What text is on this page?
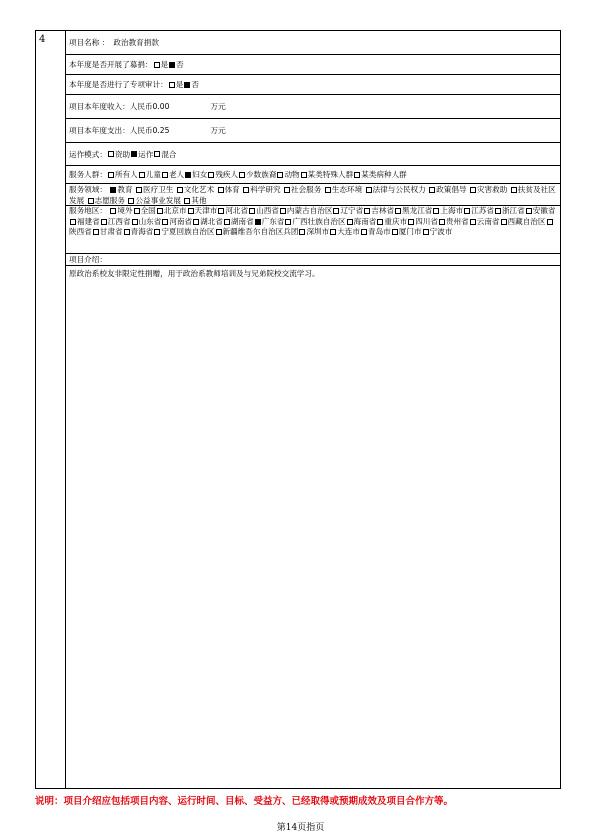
4	项目名称 ： 政治教育捐款
本年度是否开展了募捐： 是 否
本年度是否进行了专项审计： 是 否
项目本年度收入： 人民币 0.00	万元
项目本年度支出： 人民币 0.25	万元
运作模式： 资助 运作 混合
服务人群： 所有人 儿童 老人 妇女 残疾人 少数族裔 动物 某类特殊人群 某类病种人群
服务领域： 教育 医疗卫生 文化艺术 体育 科学研究 社会服务 生态环境 法律与公民权力 政策倡导 灾害救助 扶贫及社区发展 志愿服务 公益事业发展 其他
服务地区： 境外 全国 北京市 天津市 河北省 山西省 内蒙古自治区 辽宁省 吉林省 黑龙江省 上海市 江苏省 浙江省 安徽省福建省 江西省 山东省 河南省 湖北省 湖南省 广东省 广西壮族自治区 海南省 重庆市 四川省 贵州省 云南省 西藏自治区陕西省 甘肃省 青海省 宁夏回族自治区 新疆维吾尔自治区兵团 深圳市 大连市 青岛市 厦门市 宁波市
项目介绍：
原政治系校友非限定性捐赠，用于政治系教师培训及与兄弟院校交流学习。
说明：项目介绍应包括项目内容、运行时间、目标、受益方、已经取得或预期成效及项目合作方等。
第14页指页
